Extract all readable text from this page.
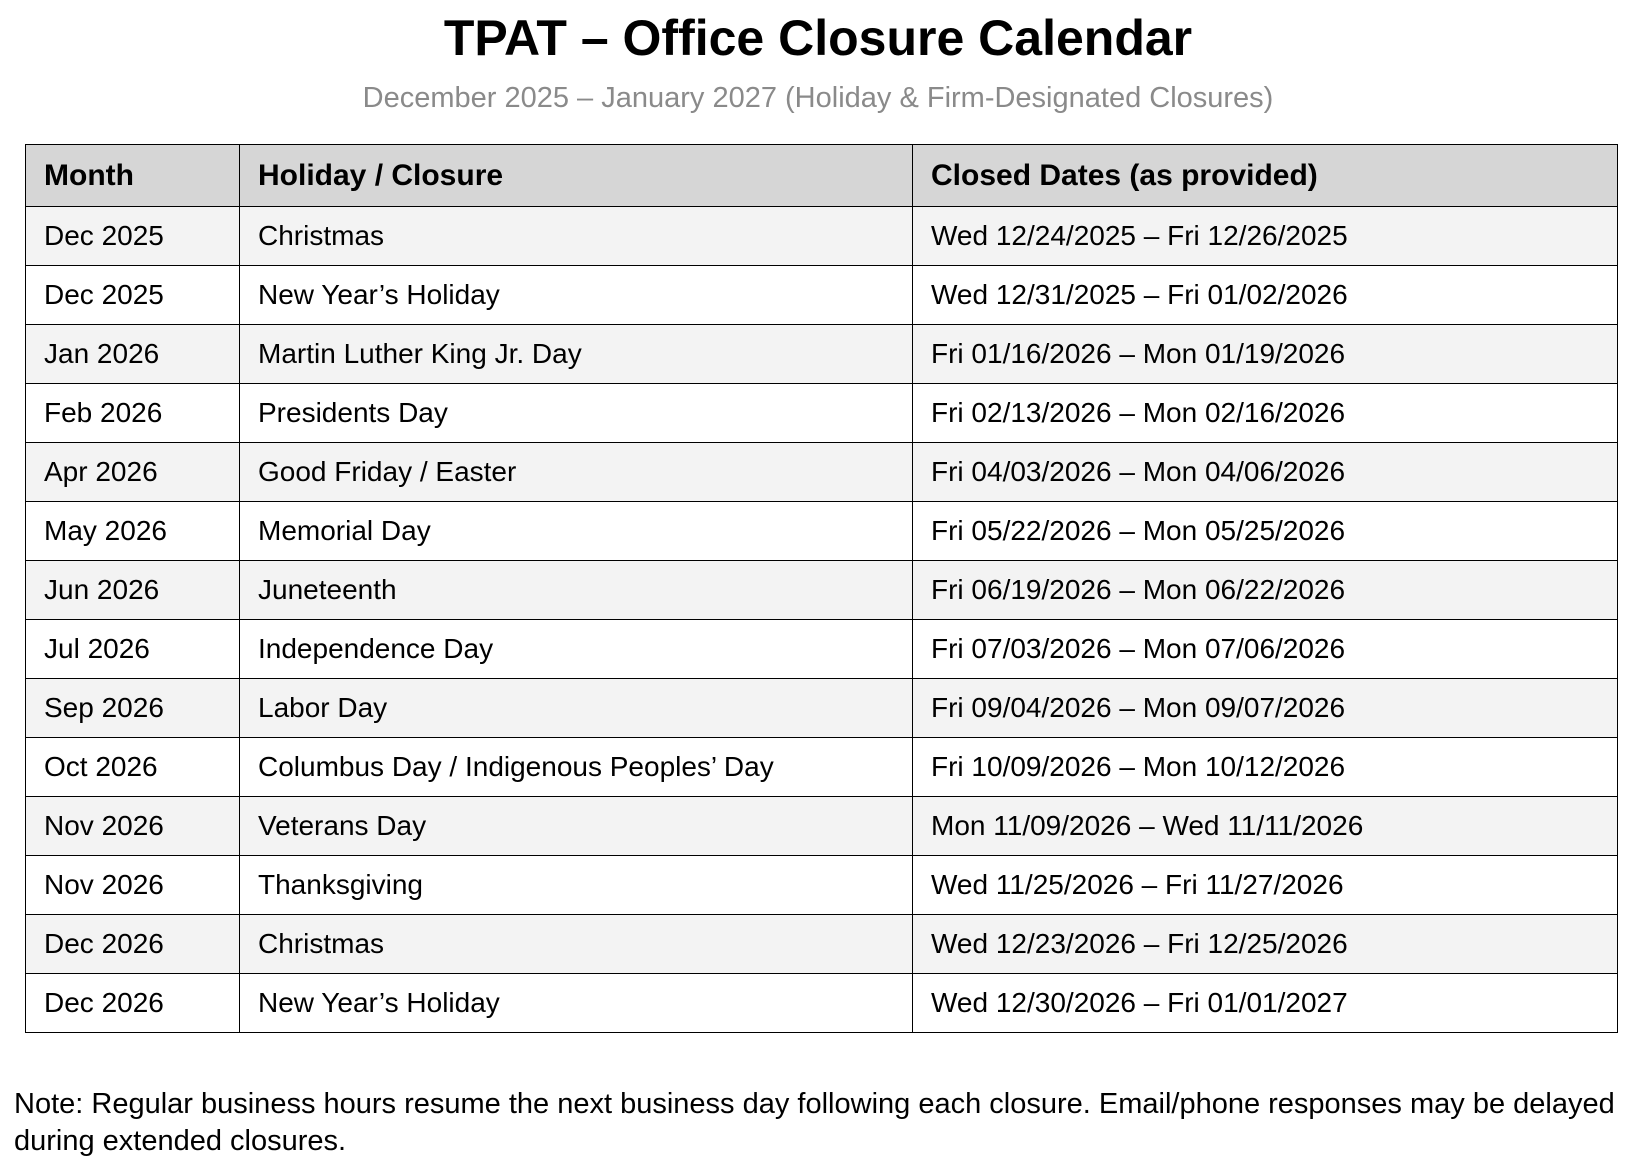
TPAT – Office Closure Calendar
December 2025 – January 2027 (Holiday & Firm-Designated Closures)
Month	Holiday / Closure	Closed Dates (as provided)
Dec 2025	Christmas	Wed 12/24/2025 – Fri 12/26/2025
Dec 2025	New Year’s Holiday	Wed 12/31/2025 – Fri 01/02/2026
Jan 2026	Martin Luther King Jr. Day	Fri 01/16/2026 – Mon 01/19/2026
Feb 2026	Presidents Day	Fri 02/13/2026 – Mon 02/16/2026
Apr 2026	Good Friday / Easter	Fri 04/03/2026 – Mon 04/06/2026
May 2026	Memorial Day	Fri 05/22/2026 – Mon 05/25/2026
Jun 2026	Juneteenth	Fri 06/19/2026 – Mon 06/22/2026
Jul 2026	Independence Day	Fri 07/03/2026 – Mon 07/06/2026
Sep 2026	Labor Day	Fri 09/04/2026 – Mon 09/07/2026
Oct 2026	Columbus Day / Indigenous Peoples’ Day	Fri 10/09/2026 – Mon 10/12/2026
Nov 2026	Veterans Day	Mon 11/09/2026 – Wed 11/11/2026
Nov 2026	Thanksgiving	Wed 11/25/2026 – Fri 11/27/2026
Dec 2026	Christmas	Wed 12/23/2026 – Fri 12/25/2026
Dec 2026	New Year’s Holiday	Wed 12/30/2026 – Fri 01/01/2027
Note: Regular business hours resume the next business day following each closure. Email/phone responses may be delayed during extended closures.
